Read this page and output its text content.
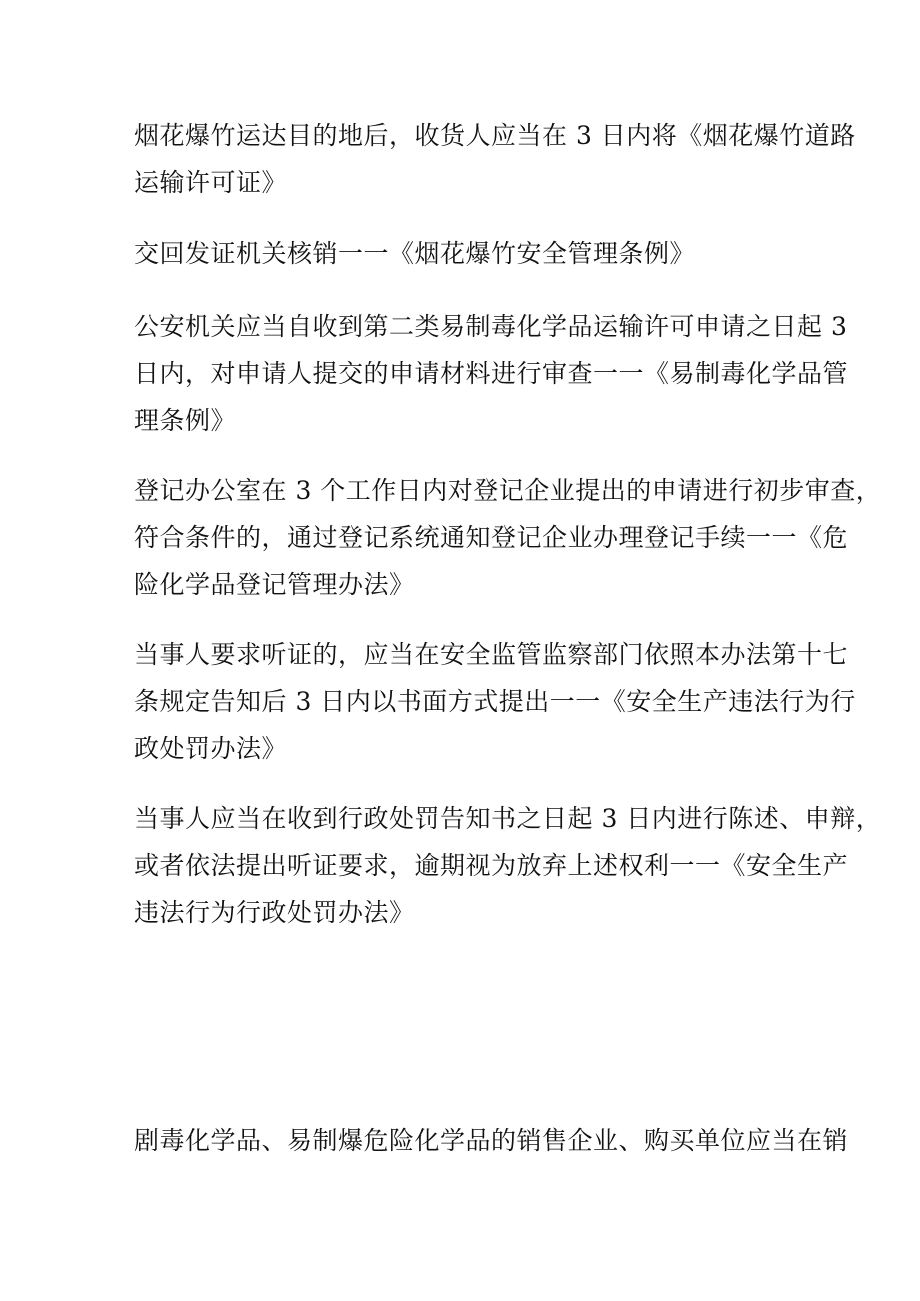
烟花爆竹运达目的地后，收货人应当在 3 日内将《烟花爆竹道路
运输许可证》

交回发证机关核销一一《烟花爆竹安全管理条例》

公安机关应当自收到第二类易制毒化学品运输许可申请之日起 3
日内，对申请人提交的申请材料进行审查一一《易制毒化学品管
理条例》

登记办公室在 3 个工作日内对登记企业提出的申请进行初步审查，
符合条件的，通过登记系统通知登记企业办理登记手续一一《危
险化学品登记管理办法》

当事人要求听证的，应当在安全监管监察部门依照本办法第十七
条规定告知后 3 日内以书面方式提出一一《安全生产违法行为行
政处罚办法》

当事人应当在收到行政处罚告知书之日起 3 日内进行陈述、申辩，
或者依法提出听证要求，逾期视为放弃上述权利一一《安全生产
违法行为行政处罚办法》

剧毒化学品、易制爆危险化学品的销售企业、购买单位应当在销
